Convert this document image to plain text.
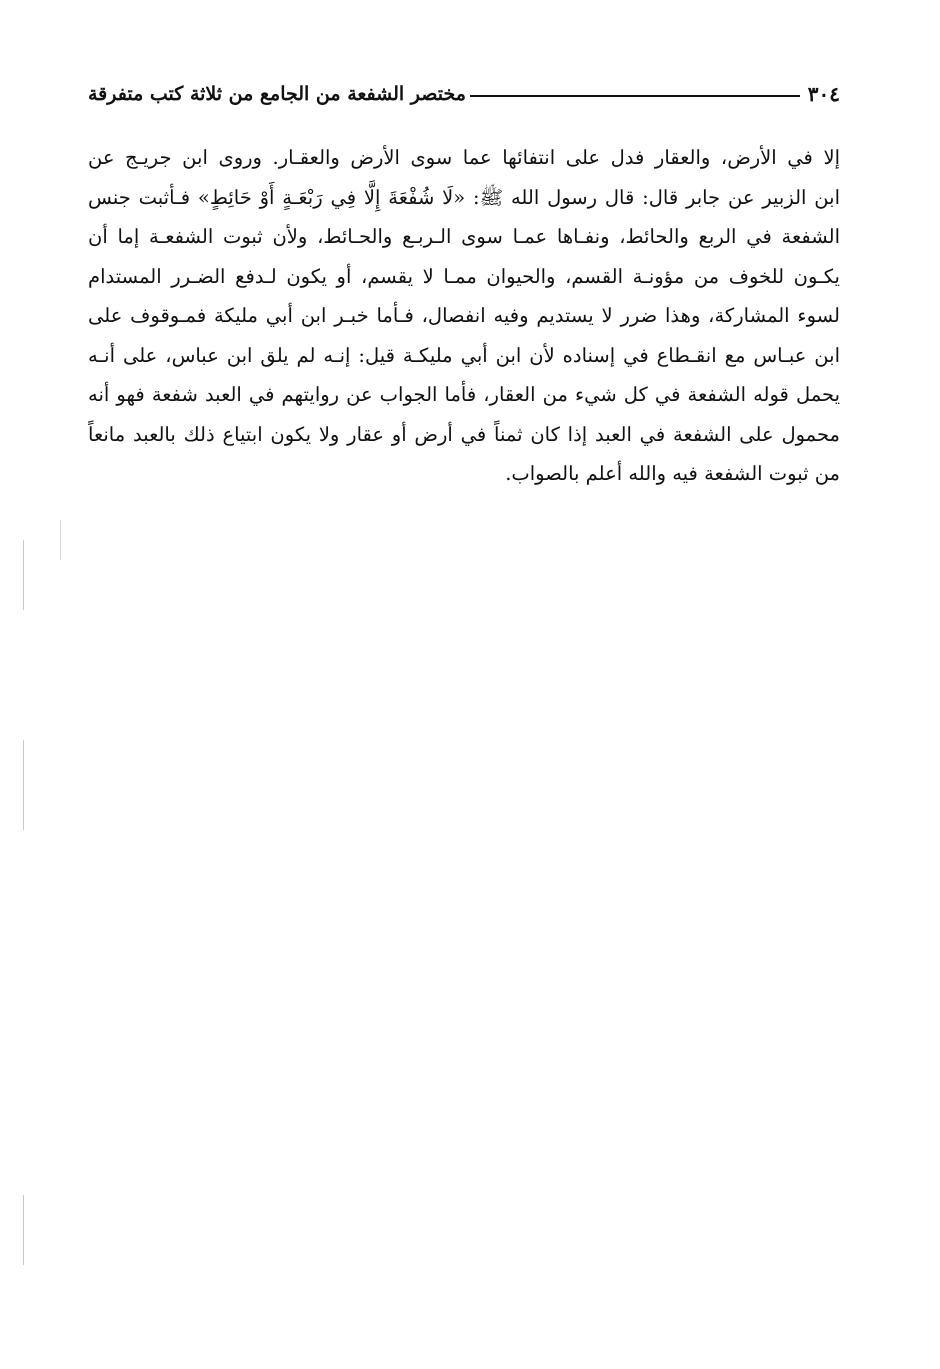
٣٠٤
مختصر الشفعة من الجامع من ثلاثة كتب متفرقة
إلا في الأرض، والعقار فدل على انتفائها عما سوى الأرض والعقـار. وروى ابن جريـج عن
ابن الزبير عن جابر قال: قال رسول الله ﷺ: «لَا شُفْعَةَ إِلَّا فِي رَبْعَـةٍ أَوْ حَائِطٍ» فـأثبت جنس
الشفعة في الربع والحائط، ونفـاها عمـا سوى الـربـع والحـائط، ولأن ثبوت الشفعـة إما أن
يكـون للخوف من مؤونـة القسم، والحيوان ممـا لا يقسم، أو يكون لـدفع الضـرر المستدام
لسوء المشاركة، وهذا ضرر لا يستديم وفيه انفصال، فـأما خبـر ابن أبي مليكة فمـوقوف على
ابن عبـاس مع انقـطاع في إسناده لأن ابن أبي مليكـة قيل: إنـه لم يلق ابن عباس، على أنـه
يحمل قوله الشفعة في كل شيء من العقار، فأما الجواب عن روايتهم في العبد شفعة فهو أنه
محمول على الشفعة في العبد إذا كان ثمناً في أرض أو عقار ولا يكون ابتياع ذلك بالعبد مانعاً
من ثبوت الشفعة فيه والله أعلم بالصواب.
